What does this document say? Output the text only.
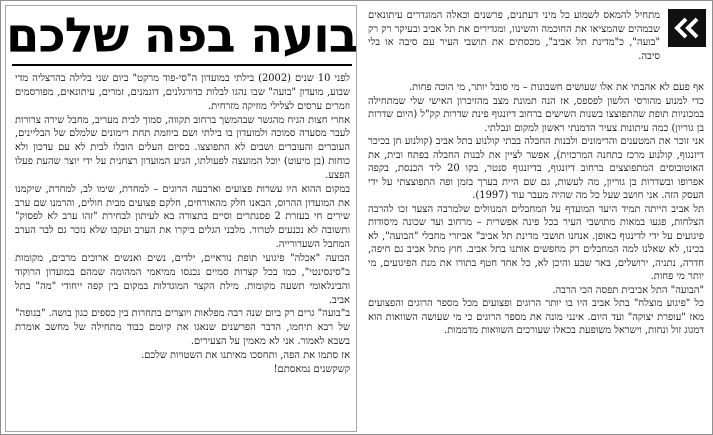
מתחיל להמאס לשמוע כל מיני דעתנים, פרשנים וכאלה המוגדרים עיתונאים שבמהים שהמציאו את החוכמה והשינוו, ומגדירים את תל אביב ובעיקר רק רק "בועה", כ"מדינת תל אביב", מכסתים את תושבי העיר עם סיבה או בלי סיבה.

אף פעם לא אהבתי את אלו שעושים חשבונות – מי סובל יותר, מי הוכה פחות.

כדי למנוע מהורסי הלשון לפספס, אז הנה תמונת מצב מהזיכרון האישי שלי שמתחילה במכוניות תופת שהתפוצצו בשנות השישים ברחוב דיזנגוף פינת שדרות קק"ל (היום שדרות בן גוריון) כמה עיתונות צעיר הדמנתי ראשון למקום ונבלתי.

אני זוכר את המטענים והרימונים ולבנות החבלה בבתי קולנוע בתל אביב (קולנוע חן בכיכר דיזנגוף, קולנוע מרכז בתחנה המרכזית), אפשר לציין את לבנות החבלה בפתח ובית, את האוטובוסים המתפוצצים ברחוב דיזנגוף, בדיזנגוף סנטר, בקו 20 ליד הכנסת, בקפה אפרופו ובשדרות בן גוריון, מה לעשות, גם שם היית בערך בזמן ופה התפוצצתי על ידי העסק הזה. אני חושב שעל כל מה שהיה מעבר עוד (1997).

תל אביב הייתה תמיד היעד המועדף על המחבלים המנוולים שלמרבה הצער זכו להרבה הצלחות, פגעו במאות מתושבי העיר בכל פינה אפשרית – מרחוב ועד שכונה מיסודות פיגועים על ידי לדינגוף באופן. אנחנו תושבי מדינת תל אביב" אביזרי מחבלי "הבועה", לא בכינו, לא שאלנו למה המחבלים רק מחפשים אותנו בתל אביב. חוץ מתל אביב גם חיפה, חדרה, נתניה, ירושלים, באר שבע והיכן לא, כל אחד חטף בתורו את מנת הפיגועים, מי יותר מי פחות.

"הבועה" התל אביבית תפסה הכי הרבה.

כל "פיגוע מוצלח" בתל אביב היו בו יותר הרוגים ופצועים מכל מספר הרוגים והפצועים מאז "עופרת יצוקה" ועד היום. אינני מונה את מספר הרוגים כי מי שעושה השוואות הוא דמגוג זול ונחות, וישראל משופעת בכאלו שעורכים השוואות מדממות.

בועה בפה שלכם

לפני 10 שנים (2002) בילתי במועדון ה"סי-פוד מרקט" ביום שני בלילה בהרצליה מדי שבוע, מועדון "בועה" שבו נהגו לבלות כדורגלנים, דוגמנים, זמרים, עיתונאים, מפורסמים וזמרים ערסים לצלילי מוזיקה מזרחית.

אחרי חצות הגיח מהגשר שבהמשך ברחוב תקווה, סמוך לבית מעריב, מחבל שירה צרורות לעבר מסעדה סמוכה ולמועדון בו בילתי ושם ביוזמת תחת רימונים שלמלם של הבליינים, העוברים והעוברים ושבים לא התפוצצו. בסיום העלים הובלו לבית לא עם עדכון ולא כוחות (בן מיעוט) יוכל המועצה לפעולתו, הגיע המועדון רצחנית על ידי יוצר שהעת פעלו הפצע.

במקום ההוא היו עשרות פצועים וארבעה הרוגים – למחרת, שימו לב, למחרת, שיקמנו את המועדון ההרוס, הבאנו חלק מהאורחים, חלקם פצועים מבית חולים, והרמנו שם ערב שירים חי בעזרת 2 פסנתרים וסיים בתצורה בא לעיתון לבחירת "זהו ערב לא לפסוק" ותשובה לא נכנעים לטרור. מלבני הגלים ביקרו את הערב ועקבו שלא נזכר גם לבר הערב המחבל השערורייה.

הבועה "אכלה" פיגועי תופת נוראיים, ילדים, נשים ואנשים ארוכים מרבים, מקומות ב"סינסינטי", כמו בכל קצרות סמיים נכנסו ממיאמי המהומה שמהם במועדון הרוקוד והבינלאומי תשעה מקומות. מילת הקצר המוגדלות במקום בין קפה ייחודי "מה" בתל אביב.

ב"בועה" גרים רק ביום שנה רבה מפלאות ויוצרים בתחרות בין כספים כגון בושה. "בגופה" של רבא תיחמו, הדבר הפרשנים שנאגו את קיומם כבוד מתחילה של מחשב אומרת בשבא לאמור. אני לא מאמין על הצעירים.

אז סתמו את הפה, ותחסכו מאיתנו את השטויות שלכם.

קשקשנים נמאסתם!
